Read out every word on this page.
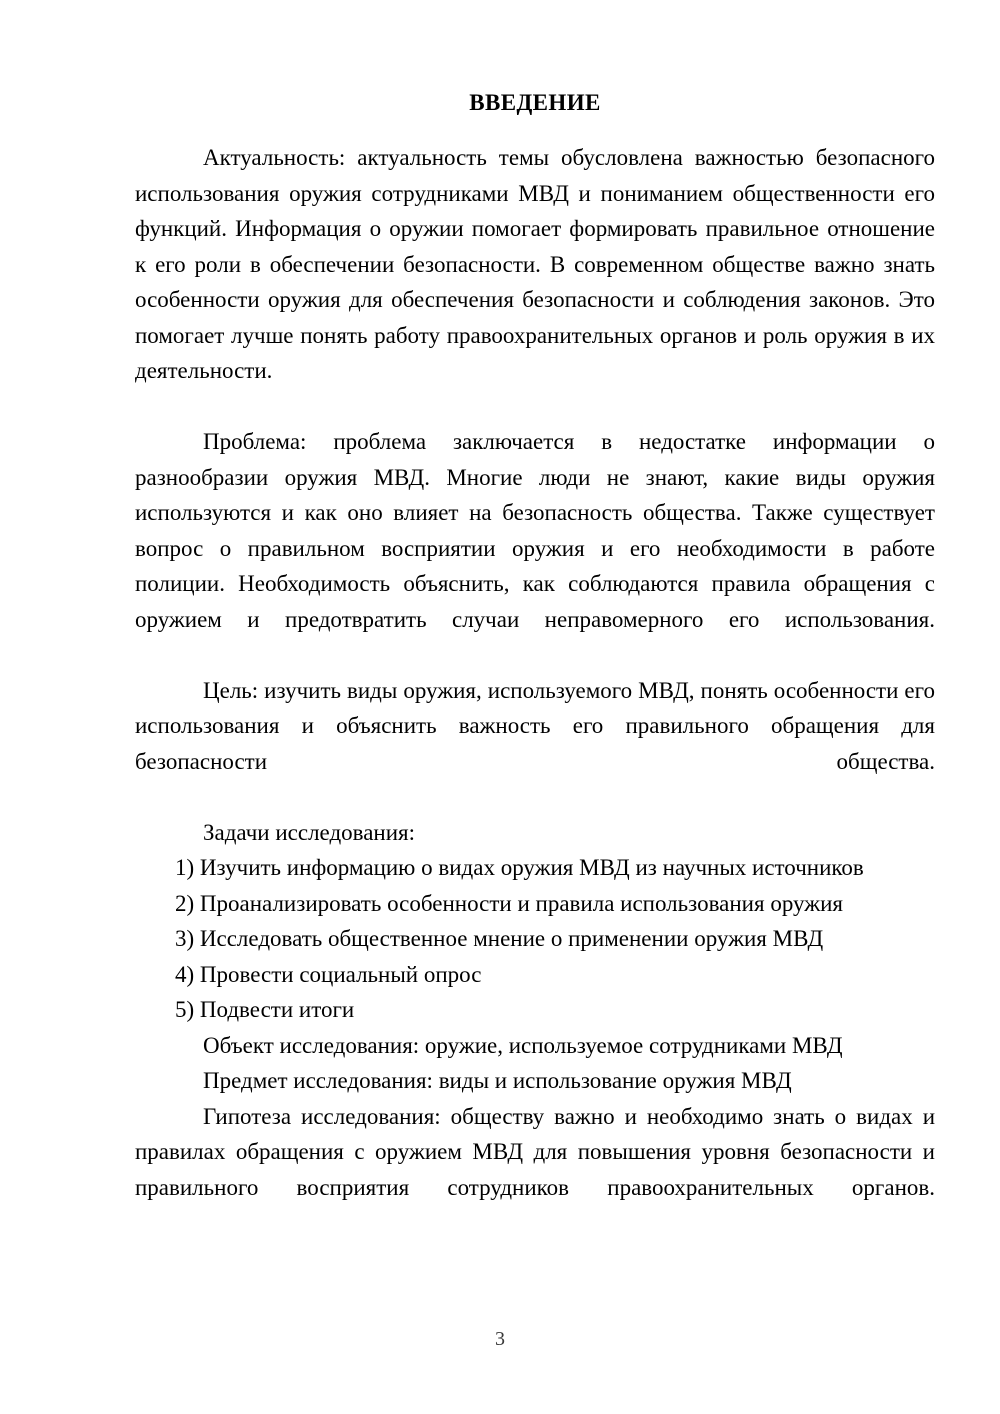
ВВЕДЕНИЕ

Актуальность: актуальность темы обусловлена важностью безопасного использования оружия сотрудниками МВД и пониманием общественности его функций. Информация о оружии помогает формировать правильное отношение к его роли в обеспечении безопасности. В современном обществе важно знать особенности оружия для обеспечения безопасности и соблюдения законов. Это помогает лучше понять работу правоохранительных органов и роль оружия в их деятельности.

Проблема: проблема заключается в недостатке информации о разнообразии оружия МВД. Многие люди не знают, какие виды оружия используются и как оно влияет на безопасность общества. Также существует вопрос о правильном восприятии оружия и его необходимости в работе полиции. Необходимость объяснить, как соблюдаются правила обращения с оружием и предотвратить случаи неправомерного его использования.

Цель: изучить виды оружия, используемого МВД, понять особенности его использования и объяснить важность его правильного обращения для безопасности общества.

Задачи исследования:

1) Изучить информацию о видах оружия МВД из научных источников

2) Проанализировать особенности и правила использования оружия

3) Исследовать общественное мнение о применении оружия МВД

4) Провести социальный опрос

5) Подвести итоги

Объект исследования: оружие, используемое сотрудниками МВД

Предмет исследования: виды и использование оружия МВД

Гипотеза исследования: обществу важно и необходимо знать о видах и правилах обращения с оружием МВД для повышения уровня безопасности и правильного восприятия сотрудников правоохранительных органов.

3
